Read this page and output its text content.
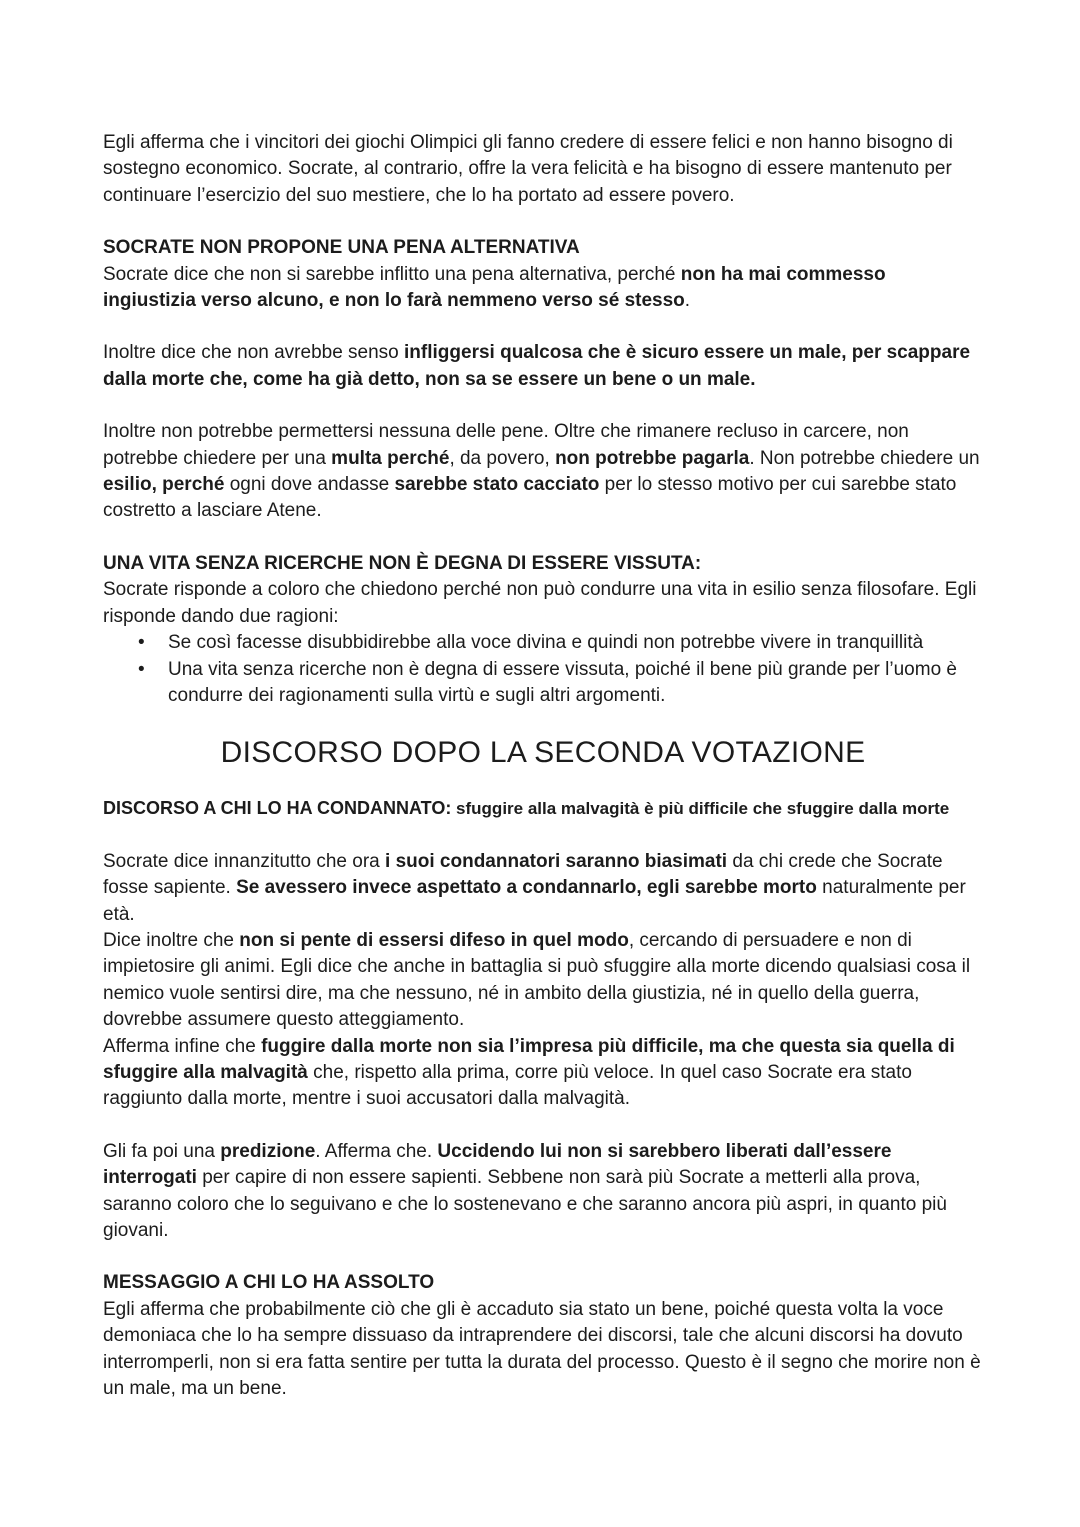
Egli afferma che i vincitori dei giochi Olimpici gli fanno credere di essere felici e non hanno bisogno di sostegno economico. Socrate, al contrario, offre la vera felicità e ha bisogno di essere mantenuto per continuare l’esercizio del suo mestiere, che lo ha portato ad essere povero.

SOCRATE NON PROPONE UNA PENA ALTERNATIVA

Socrate dice che non si sarebbe inflitto una pena alternativa, perché non ha mai commesso ingiustizia verso alcuno, e non lo farà nemmeno verso sé stesso.

Inoltre dice che non avrebbe senso infliggersi qualcosa che è sicuro essere un male, per scappare dalla morte che, come ha già detto, non sa se essere un bene o un male.

Inoltre non potrebbe permettersi nessuna delle pene. Oltre che rimanere recluso in carcere, non potrebbe chiedere per una multa perché, da povero, non potrebbe pagarla. Non potrebbe chiedere un esilio, perché ogni dove andasse sarebbe stato cacciato per lo stesso motivo per cui sarebbe stato costretto a lasciare Atene.

UNA VITA SENZA RICERCHE NON È DEGNA DI ESSERE VISSUTA:

Socrate risponde a coloro che chiedono perché non può condurre una vita in esilio senza filosofare. Egli risponde dando due ragioni:

• Se così facesse disubbidirebbe alla voce divina e quindi non potrebbe vivere in tranquillità
• Una vita senza ricerche non è degna di essere vissuta, poiché il bene più grande per l’uomo è condurre dei ragionamenti sulla virtù e sugli altri argomenti.
DISCORSO DOPO LA SECONDA VOTAZIONE

DISCORSO A CHI LO HA CONDANNATO: sfuggire alla malvagità è più difficile che sfuggire dalla morte

Socrate dice innanzitutto che ora i suoi condannatori saranno biasimati da chi crede che Socrate fosse sapiente. Se avessero invece aspettato a condannarlo, egli sarebbe morto naturalmente per età.

Dice inoltre che non si pente di essersi difeso in quel modo, cercando di persuadere e non di impietosire gli animi. Egli dice che anche in battaglia si può sfuggire alla morte dicendo qualsiasi cosa il nemico vuole sentirsi dire, ma che nessuno, né in ambito della giustizia, né in quello della guerra, dovrebbe assumere questo atteggiamento.

Afferma infine che fuggire dalla morte non sia l’impresa più difficile, ma che questa sia quella di sfuggire alla malvagità che, rispetto alla prima, corre più veloce. In quel caso Socrate era stato raggiunto dalla morte, mentre i suoi accusatori dalla malvagità.

Gli fa poi una predizione. Afferma che. Uccidendo lui non si sarebbero liberati dall’essere interrogati per capire di non essere sapienti. Sebbene non sarà più Socrate a metterli alla prova, saranno coloro che lo seguivano e che lo sostenevano e che saranno ancora più aspri, in quanto più giovani.

MESSAGGIO A CHI LO HA ASSOLTO

Egli afferma che probabilmente ciò che gli è accaduto sia stato un bene, poiché questa volta la voce demoniaca che lo ha sempre dissuaso da intraprendere dei discorsi, tale che alcuni discorsi ha dovuto interromperli, non si era fatta sentire per tutta la durata del processo. Questo è il segno che morire non è un male, ma un bene.
